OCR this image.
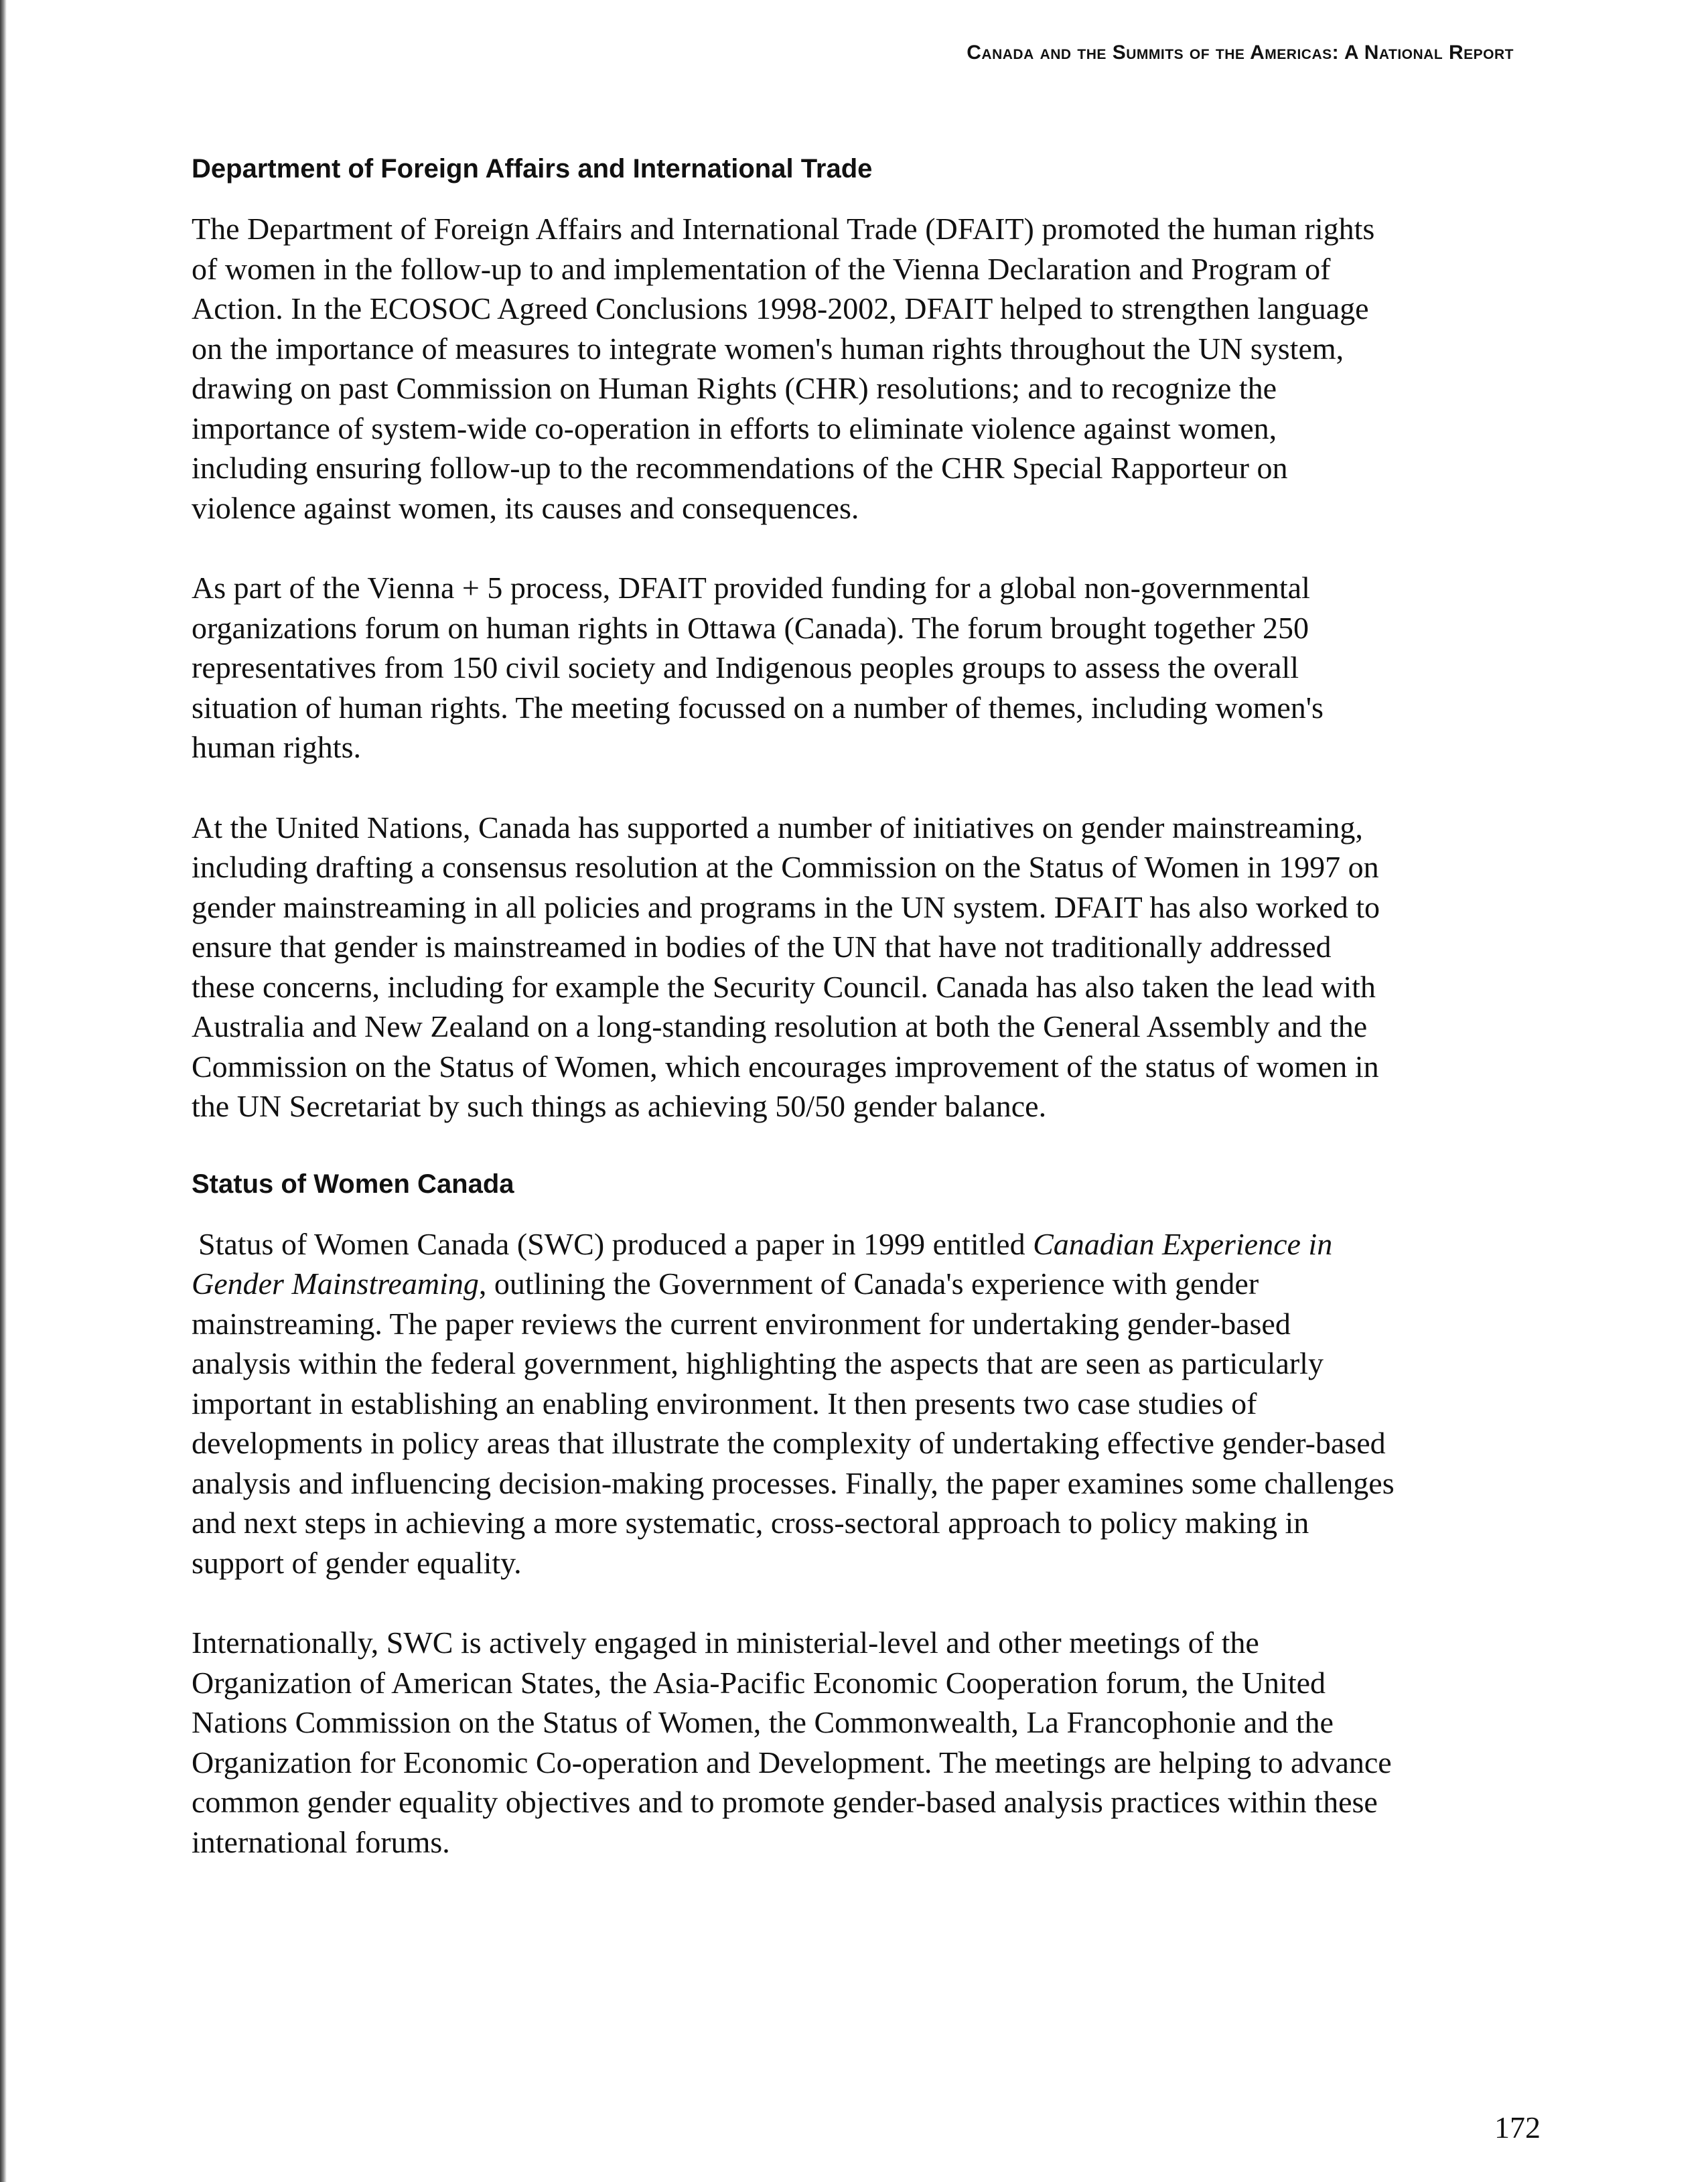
Canada and the Summits of the Americas: A National Report
Department of Foreign Affairs and International Trade

The Department of Foreign Affairs and International Trade (DFAIT) promoted the human rights
of women in the follow-up to and implementation of the Vienna Declaration and Program of
Action. In the ECOSOC Agreed Conclusions 1998-2002, DFAIT helped to strengthen language
on the importance of measures to integrate women's human rights throughout the UN system,
drawing on past Commission on Human Rights (CHR) resolutions; and to recognize the
importance of system-wide co-operation in efforts to eliminate violence against women,
including ensuring follow-up to the recommendations of the CHR Special Rapporteur on
violence against women, its causes and consequences.

As part of the Vienna + 5 process, DFAIT provided funding for a global non-governmental
organizations forum on human rights in Ottawa (Canada). The forum brought together 250
representatives from 150 civil society and Indigenous peoples groups to assess the overall
situation of human rights. The meeting focussed on a number of themes, including women's
human rights.

At the United Nations, Canada has supported a number of initiatives on gender mainstreaming,
including drafting a consensus resolution at the Commission on the Status of Women in 1997 on
gender mainstreaming in all policies and programs in the UN system. DFAIT has also worked to
ensure that gender is mainstreamed in bodies of the UN that have not traditionally addressed
these concerns, including for example the Security Council. Canada has also taken the lead with
Australia and New Zealand on a long-standing resolution at both the General Assembly and the
Commission on the Status of Women, which encourages improvement of the status of women in
the UN Secretariat by such things as achieving 50/50 gender balance.

Status of Women Canada

Status of Women Canada (SWC) produced a paper in 1999 entitled Canadian Experience in
Gender Mainstreaming, outlining the Government of Canada's experience with gender
mainstreaming. The paper reviews the current environment for undertaking gender-based
analysis within the federal government, highlighting the aspects that are seen as particularly
important in establishing an enabling environment. It then presents two case studies of
developments in policy areas that illustrate the complexity of undertaking effective gender-based
analysis and influencing decision-making processes. Finally, the paper examines some challenges
and next steps in achieving a more systematic, cross-sectoral approach to policy making in
support of gender equality.

Internationally, SWC is actively engaged in ministerial-level and other meetings of the
Organization of American States, the Asia-Pacific Economic Cooperation forum, the United
Nations Commission on the Status of Women, the Commonwealth, La Francophonie and the
Organization for Economic Co-operation and Development. The meetings are helping to advance
common gender equality objectives and to promote gender-based analysis practices within these
international forums.

172
